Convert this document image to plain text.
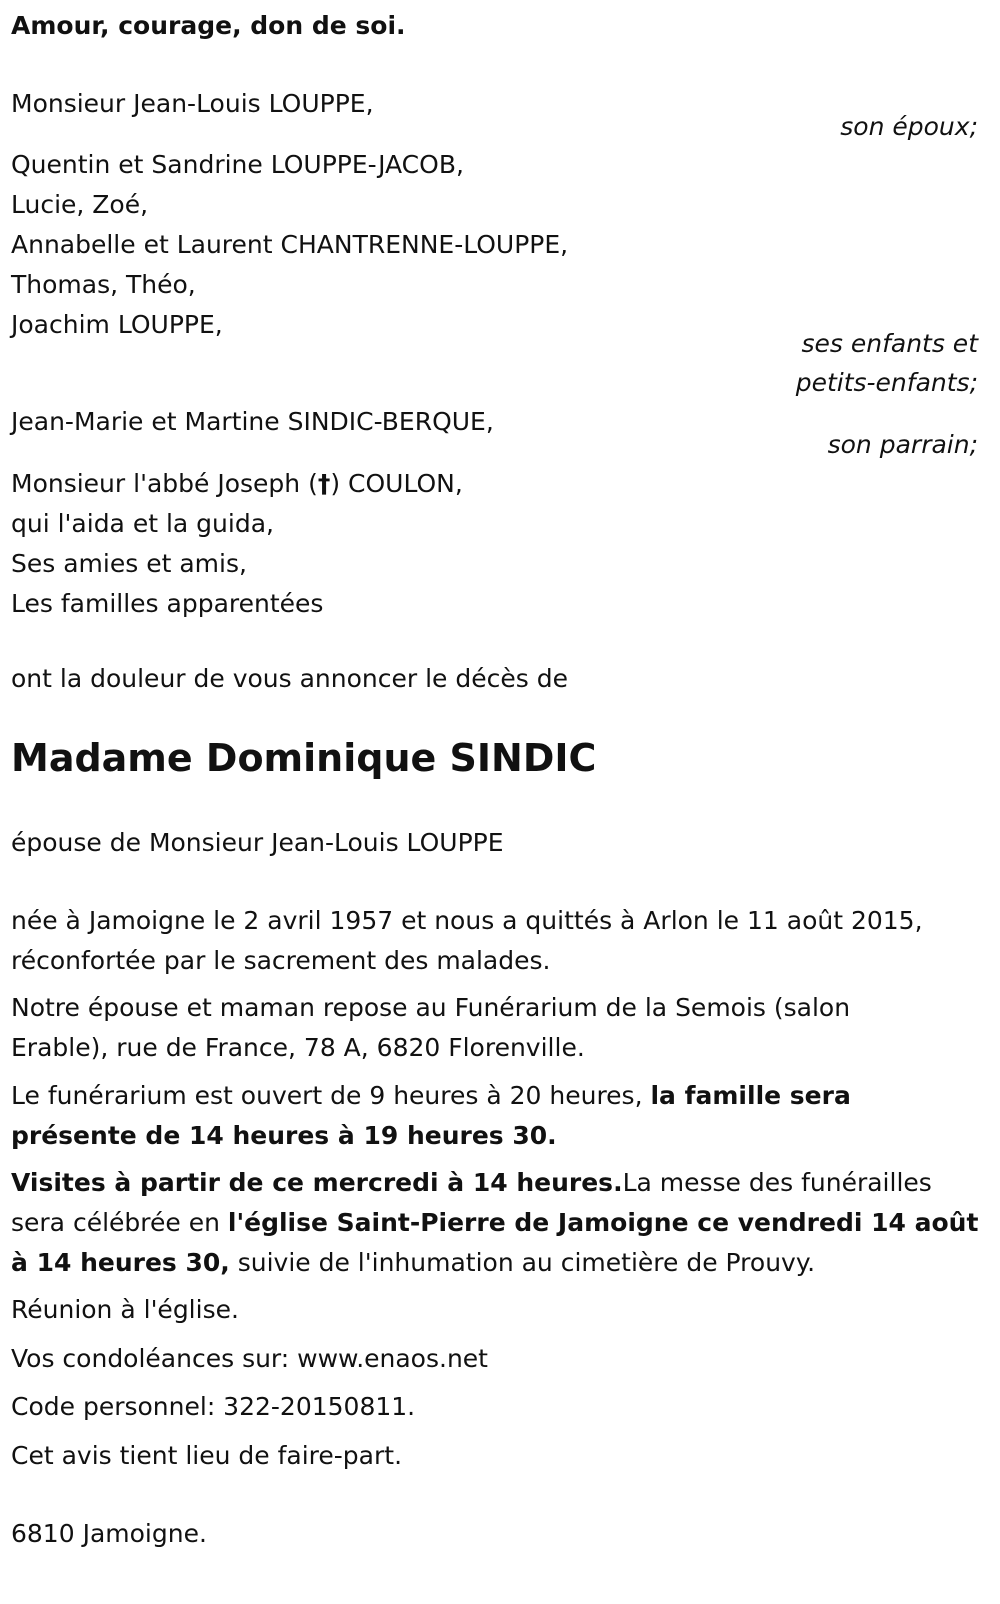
Amour, courage, don de soi.
Monsieur Jean-Louis LOUPPE,
son époux;
Quentin et Sandrine LOUPPE-JACOB,
Lucie, Zoé,
Annabelle et Laurent CHANTRENNE-LOUPPE,
Thomas, Théo,
Joachim LOUPPE,
ses enfants et
petits-enfants;
Jean-Marie et Martine SINDIC-BERQUE,
son parrain;
Monsieur l'abbé Joseph (†) COULON,
qui l'aida et la guida,
Ses amies et amis,
Les familles apparentées
ont la douleur de vous annoncer le décès de
Madame Dominique SINDIC
épouse de Monsieur Jean-Louis LOUPPE
née à Jamoigne le 2 avril 1957 et nous a quittés à Arlon le 11 août 2015,
réconfortée par le sacrement des malades.
Notre épouse et maman repose au Funérarium de la Semois (salon
Erable), rue de France, 78 A, 6820 Florenville.
Le funérarium est ouvert de 9 heures à 20 heures, la famille sera
présente de 14 heures à 19 heures 30.
Visites à partir de ce mercredi à 14 heures.La messe des funérailles
sera célébrée en l'église Saint-Pierre de Jamoigne ce vendredi 14 août
à 14 heures 30, suivie de l'inhumation au cimetière de Prouvy.
Réunion à l'église.
Vos condoléances sur: www.enaos.net
Code personnel: 322-20150811.
Cet avis tient lieu de faire-part.
6810 Jamoigne.
